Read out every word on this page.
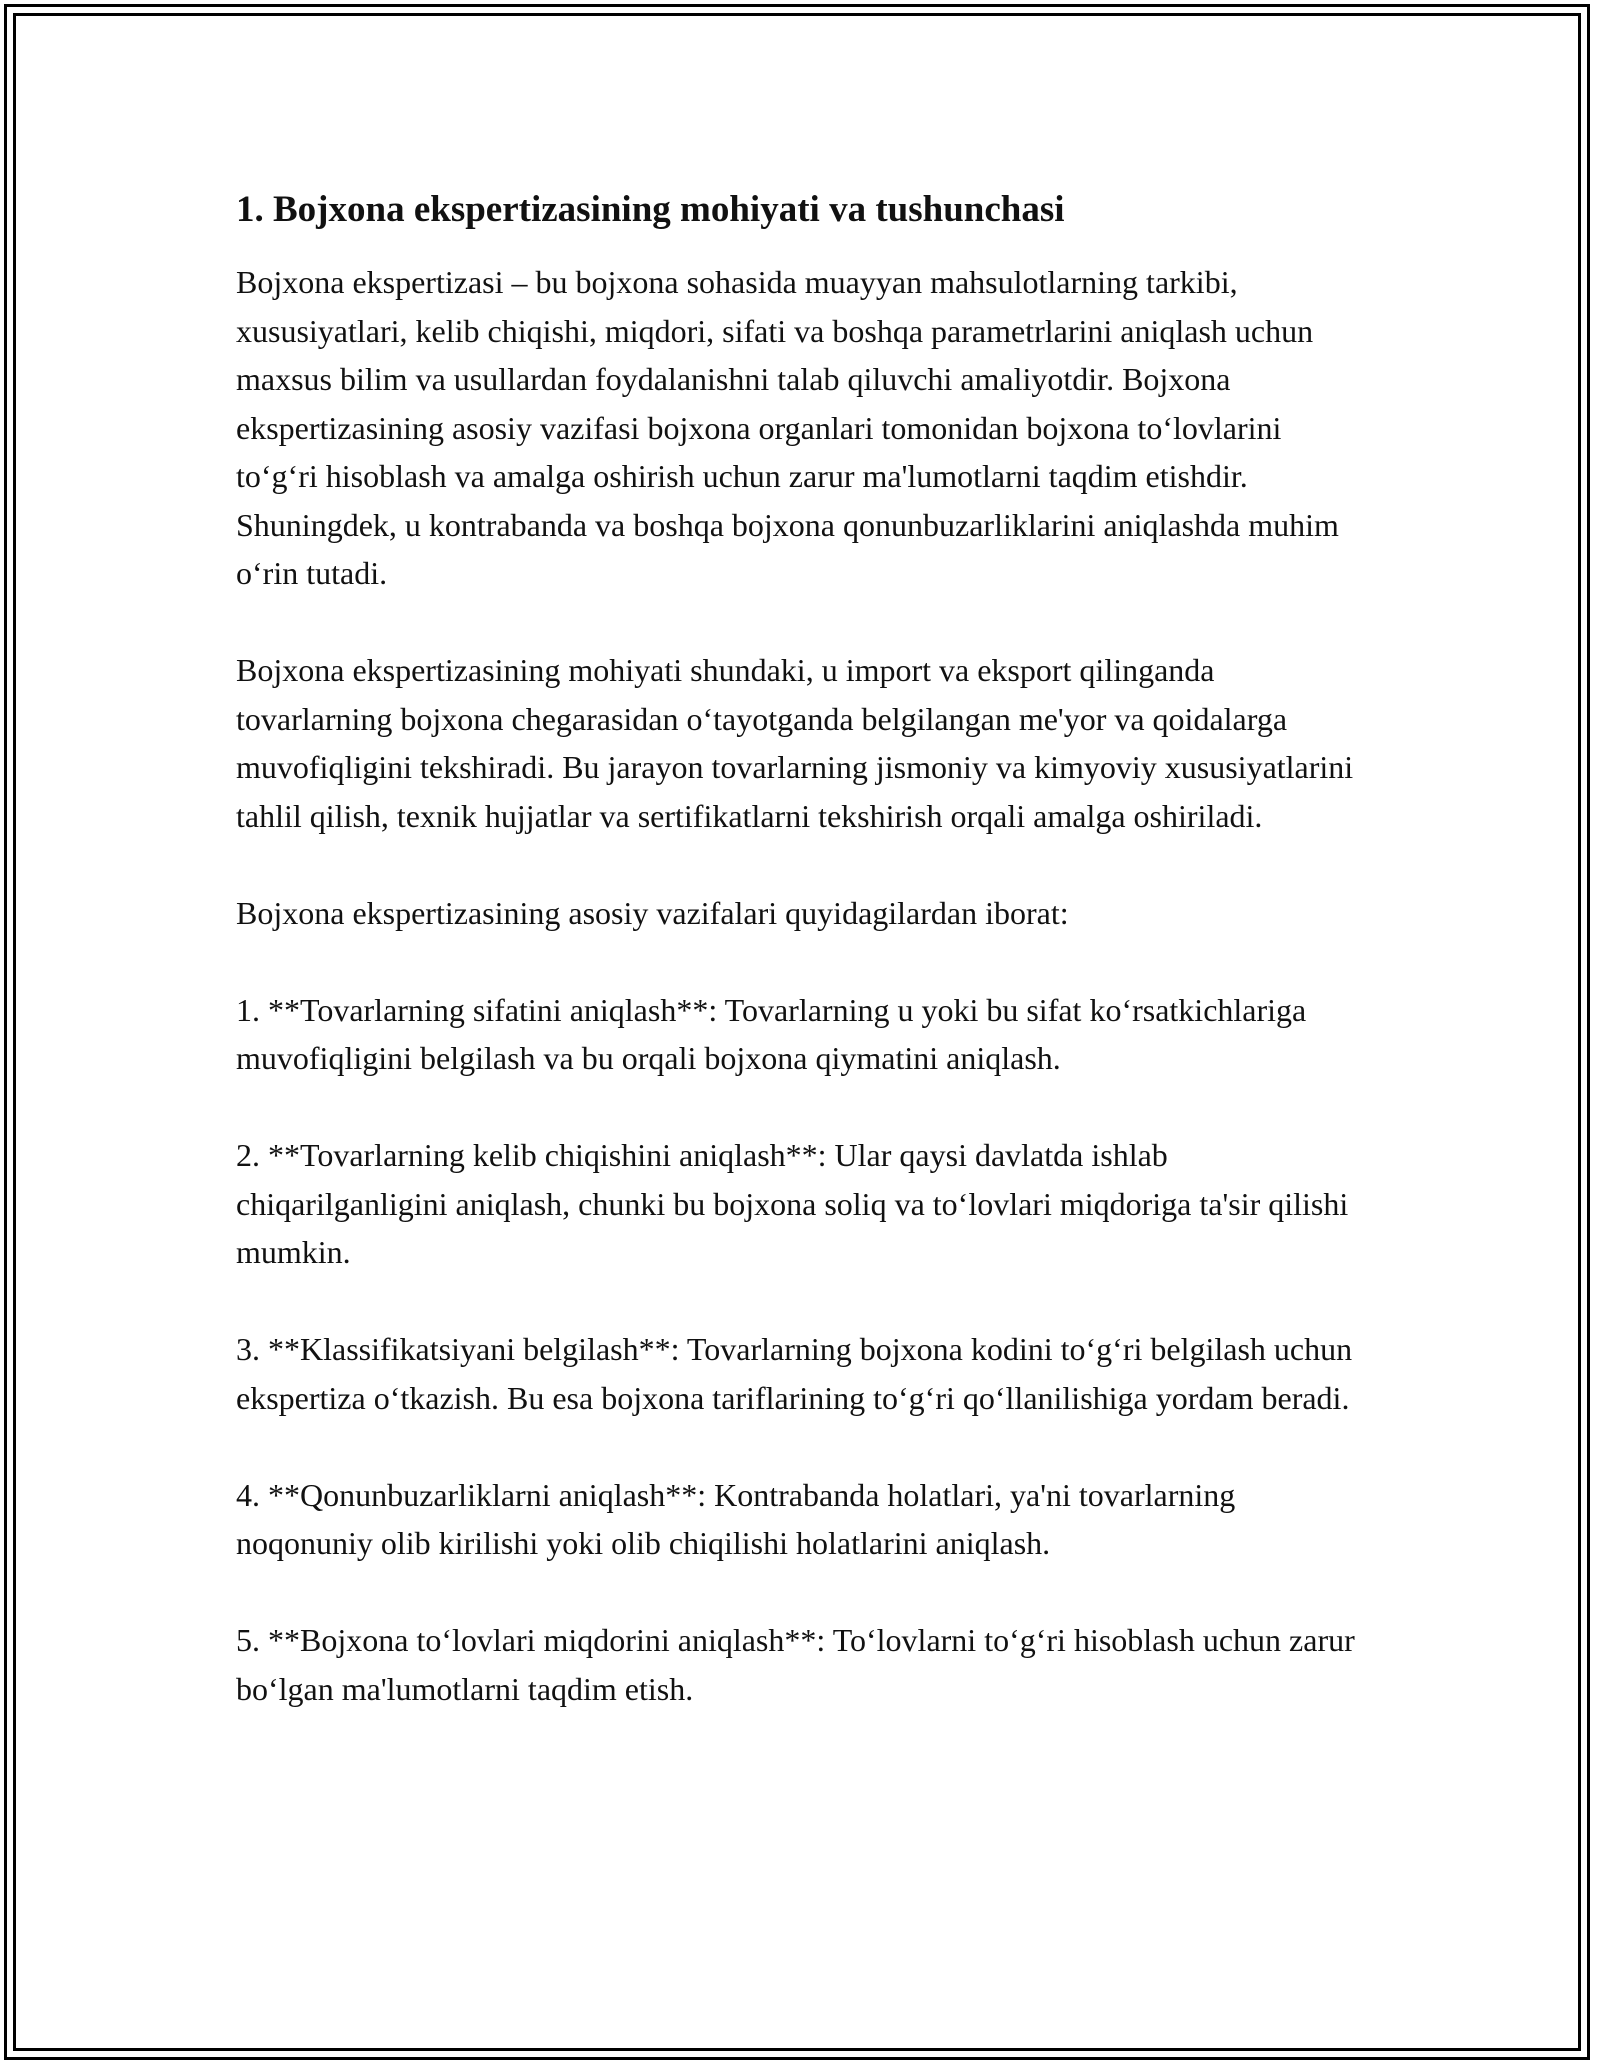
1. Bojxona ekspertizasining mohiyati va tushunchasi

Bojxona ekspertizasi – bu bojxona sohasida muayyan mahsulotlarning tarkibi, xususiyatlari, kelib chiqishi, miqdori, sifati va boshqa parametrlarini aniqlash uchun maxsus bilim va usullardan foydalanishni talab qiluvchi amaliyotdir. Bojxona ekspertizasining asosiy vazifasi bojxona organlari tomonidan bojxona to‘lovlarini to‘g‘ri hisoblash va amalga oshirish uchun zarur ma'lumotlarni taqdim etishdir. Shuningdek, u kontrabanda va boshqa bojxona qonunbuzarliklarini aniqlashda muhim o‘rin tutadi.

Bojxona ekspertizasining mohiyati shundaki, u import va eksport qilinganda tovarlarning bojxona chegarasidan o‘tayotganda belgilangan me'yor va qoidalarga muvofiqligini tekshiradi. Bu jarayon tovarlarning jismoniy va kimyoviy xususiyatlarini tahlil qilish, texnik hujjatlar va sertifikatlarni tekshirish orqali amalga oshiriladi.

Bojxona ekspertizasining asosiy vazifalari quyidagilardan iborat:

1. **Tovarlarning sifatini aniqlash**: Tovarlarning u yoki bu sifat ko‘rsatkichlariga muvofiqligini belgilash va bu orqali bojxona qiymatini aniqlash.

2. **Tovarlarning kelib chiqishini aniqlash**: Ular qaysi davlatda ishlab chiqarilganligini aniqlash, chunki bu bojxona soliq va to‘lovlari miqdoriga ta'sir qilishi mumkin.

3. **Klassifikatsiyani belgilash**: Tovarlarning bojxona kodini to‘g‘ri belgilash uchun ekspertiza o‘tkazish. Bu esa bojxona tariflarining to‘g‘ri qo‘llanilishiga yordam beradi.

4. **Qonunbuzarliklarni aniqlash**: Kontrabanda holatlari, ya'ni tovarlarning noqonuniy olib kirilishi yoki olib chiqilishi holatlarini aniqlash.

5. **Bojxona to‘lovlari miqdorini aniqlash**: To‘lovlarni to‘g‘ri hisoblash uchun zarur bo‘lgan ma'lumotlarni taqdim etish.
